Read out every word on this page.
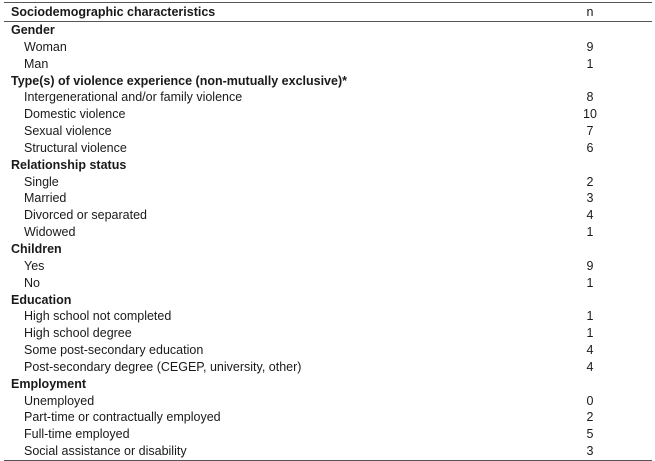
Sociodemographic characteristics	n
Gender
Woman	9
Man	1
Type(s) of violence experience (non-mutually exclusive)*
Intergenerational and/or family violence	8
Domestic violence	10
Sexual violence	7
Structural violence	6
Relationship status
Single	2
Married	3
Divorced or separated	4
Widowed	1
Children
Yes	9
No	1
Education
High school not completed	1
High school degree	1
Some post-secondary education	4
Post-secondary degree (CEGEP, university, other)	4
Employment
Unemployed	0
Part-time or contractually employed	2
Full-time employed	5
Social assistance or disability	3
